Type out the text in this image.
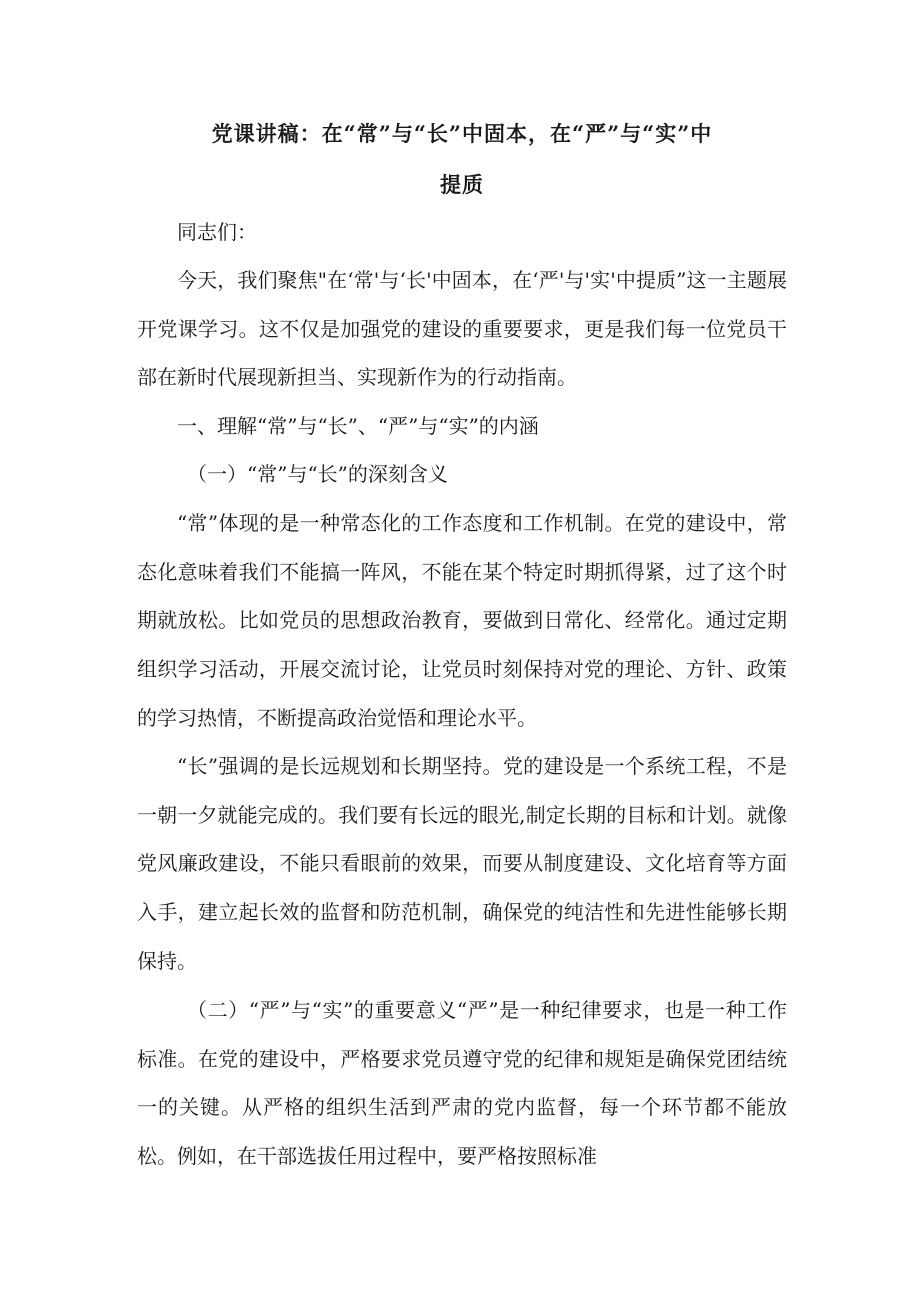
党课讲稿：在“常”与“长”中固本，在“严”与“实”中
提质

同志们：

今天，我们聚焦"在‘常'与‘长'中固本，在‘严'与'实'中提质”这一主题展开党课学习。这不仅是加强党的建设的重要要求，更是我们每一位党员干部在新时代展现新担当、实现新作为的行动指南。

一、理解“常”与“长”、“严”与“实”的内涵

（一）“常”与“长”的深刻含义

“常”体现的是一种常态化的工作态度和工作机制。在党的建设中，常态化意味着我们不能搞一阵风，不能在某个特定时期抓得紧，过了这个时期就放松。比如党员的思想政治教育，要做到日常化、经常化。通过定期组织学习活动，开展交流讨论，让党员时刻保持对党的理论、方针、政策的学习热情，不断提高政治觉悟和理论水平。

“长”强调的是长远规划和长期坚持。党的建设是一个系统工程，不是一朝一夕就能完成的。我们要有长远的眼光,制定长期的目标和计划。就像党风廉政建设，不能只看眼前的效果，而要从制度建设、文化培育等方面入手，建立起长效的监督和防范机制，确保党的纯洁性和先进性能够长期保持。

（二）“严”与“实”的重要意义“严”是一种纪律要求，也是一种工作标准。在党的建设中，严格要求党员遵守党的纪律和规矩是确保党团结统一的关键。从严格的组织生活到严肃的党内监督，每一个环节都不能放松。例如，在干部选拔任用过程中，要严格按照标准
